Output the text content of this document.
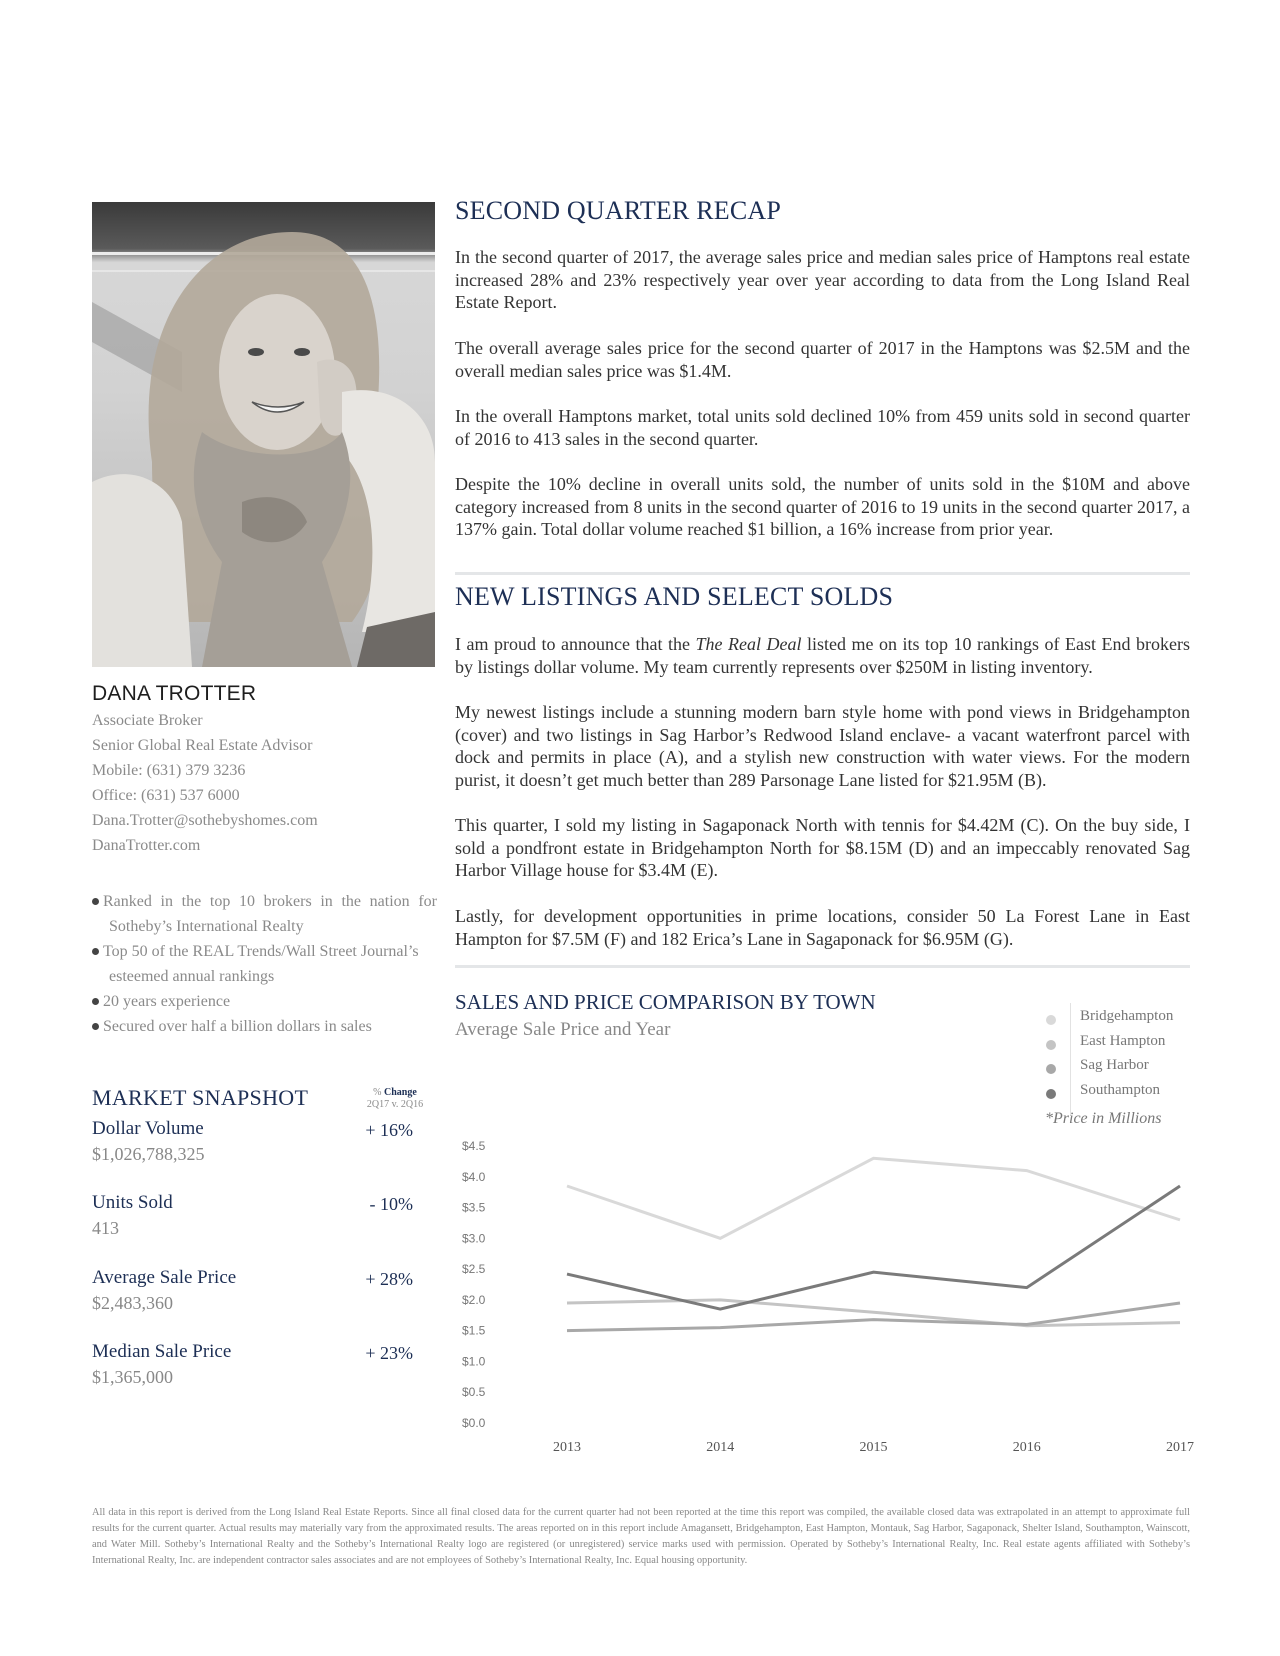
DANA TROTTER
Associate Broker
Senior Global Real Estate Advisor
Mobile: (631) 379 3236
Office: (631) 537 6000
Dana.Trotter@sothebyshomes.com
DanaTrotter.com
Ranked in the top 10 brokers in the nation for Sotheby’s International Realty
Top 50 of the REAL Trends/Wall Street Journal’s esteemed annual rankings
20 years experience
Secured over half a billion dollars in sales
MARKET SNAPSHOT	% Change
2Q17 v. 2Q16
Dollar Volume
$1,026,788,325
+ 16%
Units Sold
413
- 10%
Average Sale Price
$2,483,360
+ 28%
Median Sale Price
$1,365,000
+ 23%
SECOND QUARTER RECAP

In the second quarter of 2017, the average sales price and median sales price of Hamptons real estate increased 28% and 23% respectively year over year according to data from the Long Island Real Estate Report.

The overall average sales price for the second quarter of 2017 in the Hamptons was $2.5M and the overall median sales price was $1.4M.

In the overall Hamptons market, total units sold declined 10% from 459 units sold in second quarter of 2016 to 413 sales in the second quarter.

Despite the 10% decline in overall units sold, the number of units sold in the $10M and above category increased from 8 units in the second quarter of 2016 to 19 units in the second quarter 2017, a 137% gain. Total dollar volume reached $1 billion, a 16% increase from prior year.

NEW LISTINGS AND SELECT SOLDS

I am proud to announce that the The Real Deal listed me on its top 10 rankings of East End brokers by listings dollar volume. My team currently represents over $250M in listing inventory.

My newest listings include a stunning modern barn style home with pond views in Bridgehampton (cover) and two listings in Sag Harbor’s Redwood Island enclave- a vacant waterfront parcel with dock and permits in place (A), and a stylish new construction with water views. For the modern purist, it doesn’t get much better than 289 Parsonage Lane listed for $21.95M (B).

This quarter, I sold my listing in Sagaponack North with tennis for $4.42M (C). On the buy side, I sold a pondfront estate in Bridgehampton North for $8.15M (D) and an impeccably renovated Sag Harbor Village house for $3.4M (E).

Lastly, for development opportunities in prime locations, consider 50 La Forest Lane in East Hampton for $7.5M (F) and 182 Erica’s Lane in Sagaponack for $6.95M (G).

SALES AND PRICE COMPARISON BY TOWN
Average Sale Price and Year
Bridgehampton
East Hampton
Sag Harbor
Southampton
*Price in Millions
$0.0
$0.5
$1.0
$1.5
$2.0
$2.5
$3.0
$3.5
$4.0
$4.5
2013	2014	2015	2016	2017
All data in this report is derived from the Long Island Real Estate Reports. Since all final closed data for the current quarter had not been reported at the time this report was compiled, the available closed data was extrapolated in an attempt to approximate full results for the current quarter. Actual results may materially vary from the approximated results. The areas reported on in this report include Amagansett, Bridgehampton, East Hampton, Montauk, Sag Harbor, Sagaponack, Shelter Island, Southampton, Wainscott, and Water Mill. Sotheby’s International Realty and the Sotheby’s International Realty logo are registered (or unregistered) service marks used with permission. Operated by Sotheby’s International Realty, Inc. Real estate agents affiliated with Sotheby’s International Realty, Inc. are independent contractor sales associates and are not employees of Sotheby’s International Realty, Inc. Equal housing opportunity.
